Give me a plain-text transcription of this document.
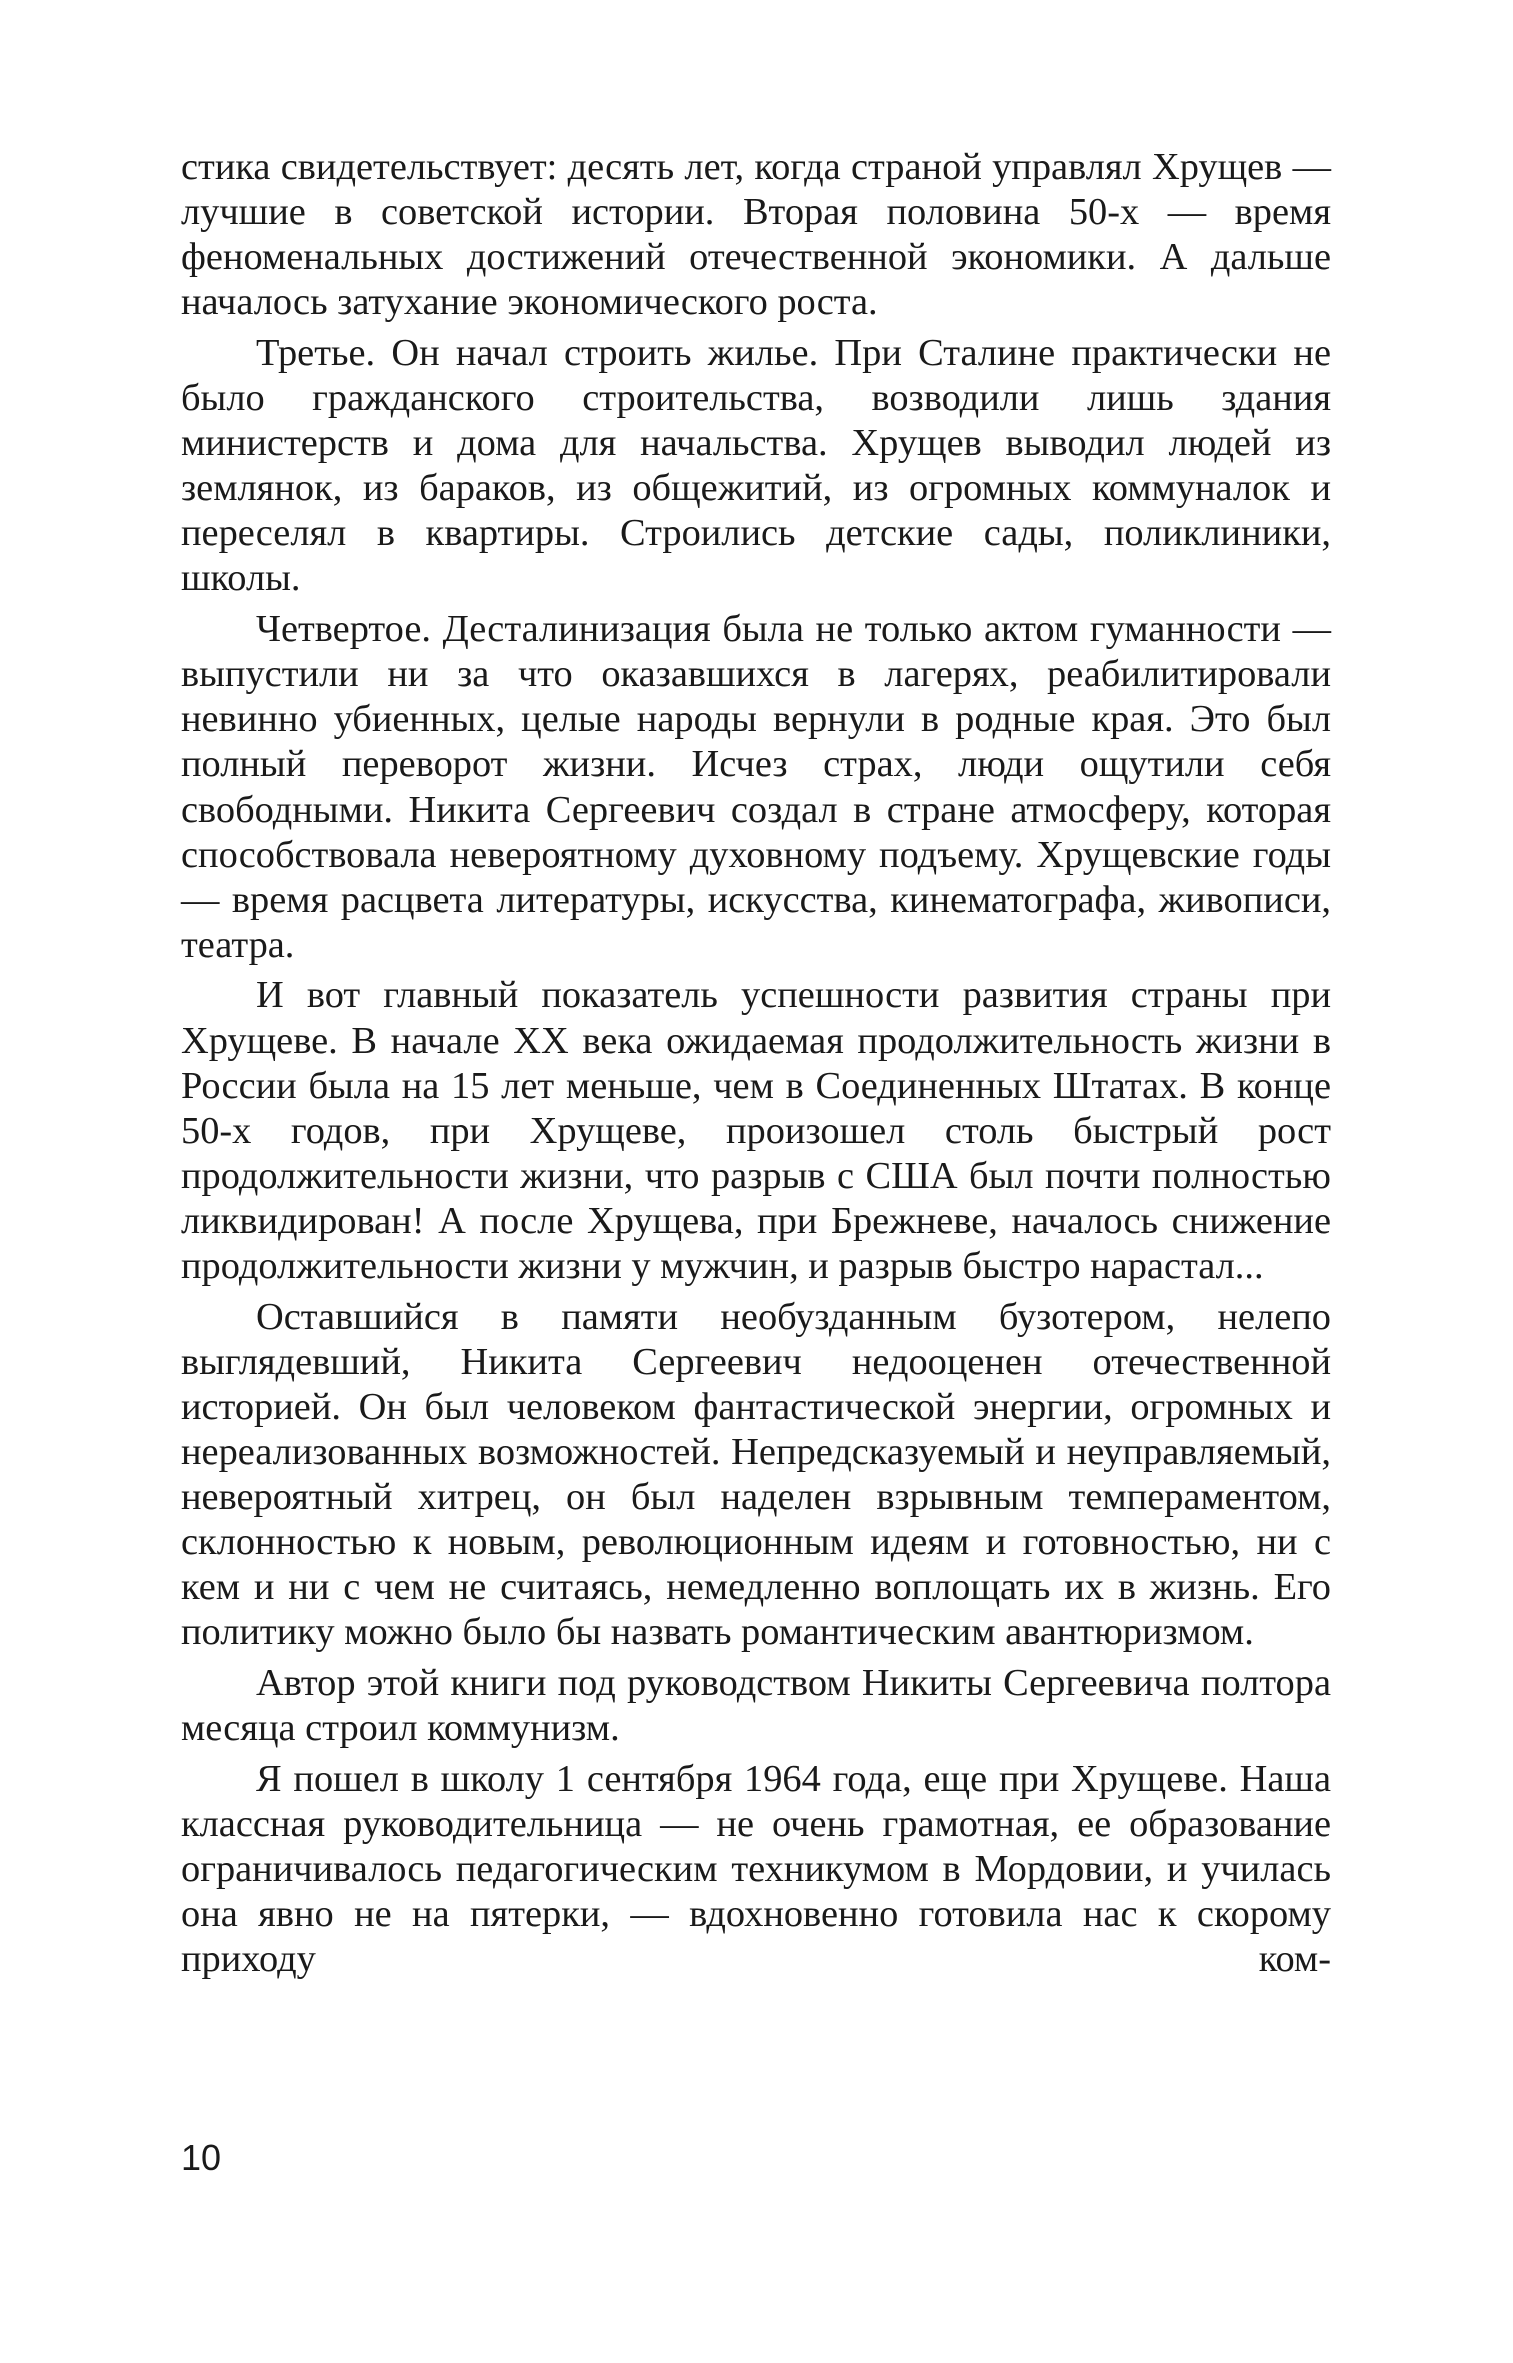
стика свидетельствует: десять лет, когда страной управлял Хрущев — лучшие в советской истории. Вторая половина 50-х — время феноменальных достижений отечественной экономики. А дальше началось затухание экономического роста.

Третье. Он начал строить жилье. При Сталине практически не было гражданского строительства, возводили лишь здания министерств и дома для начальства. Хрущев выводил людей из землянок, из бараков, из общежитий, из огромных коммуналок и переселял в квартиры. Строились детские сады, поликлиники, школы.

Четвертое. Десталинизация была не только актом гуманности — выпустили ни за что оказавшихся в лагерях, реабилитировали невинно убиенных, целые народы вернули в родные края. Это был полный переворот жизни. Исчез страх, люди ощутили себя свободными. Никита Сергеевич создал в стране атмосферу, которая способствовала невероятному духовному подъему. Хрущевские годы — время расцвета литературы, искусства, кинематографа, живописи, театра.

И вот главный показатель успешности развития страны при Хрущеве. В начале XX века ожидаемая продолжительность жизни в России была на 15 лет меньше, чем в Соединенных Штатах. В конце 50-х годов, при Хрущеве, произошел столь быстрый рост продолжительности жизни, что разрыв с США был почти полностью ликвидирован! А после Хрущева, при Брежневе, началось снижение продолжительности жизни у мужчин, и разрыв быстро нарастал...

Оставшийся в памяти необузданным бузотером, нелепо выглядевший, Никита Сергеевич недооценен отечественной историей. Он был человеком фантастической энергии, огромных и нереализованных возможностей. Непредсказуемый и неуправляемый, невероятный хитрец, он был наделен взрывным темпераментом, склонностью к новым, революционным идеям и готовностью, ни с кем и ни с чем не считаясь, немедленно воплощать их в жизнь. Его политику можно было бы назвать романтическим авантюризмом.

Автор этой книги под руководством Никиты Сергеевича полтора месяца строил коммунизм.

Я пошел в школу 1 сентября 1964 года, еще при Хрущеве. Наша классная руководительница — не очень грамотная, ее образование ограничивалось педагогическим техникумом в Мордовии, и училась она явно не на пятерки, — вдохновенно готовила нас к скорому приходу ком-

10
